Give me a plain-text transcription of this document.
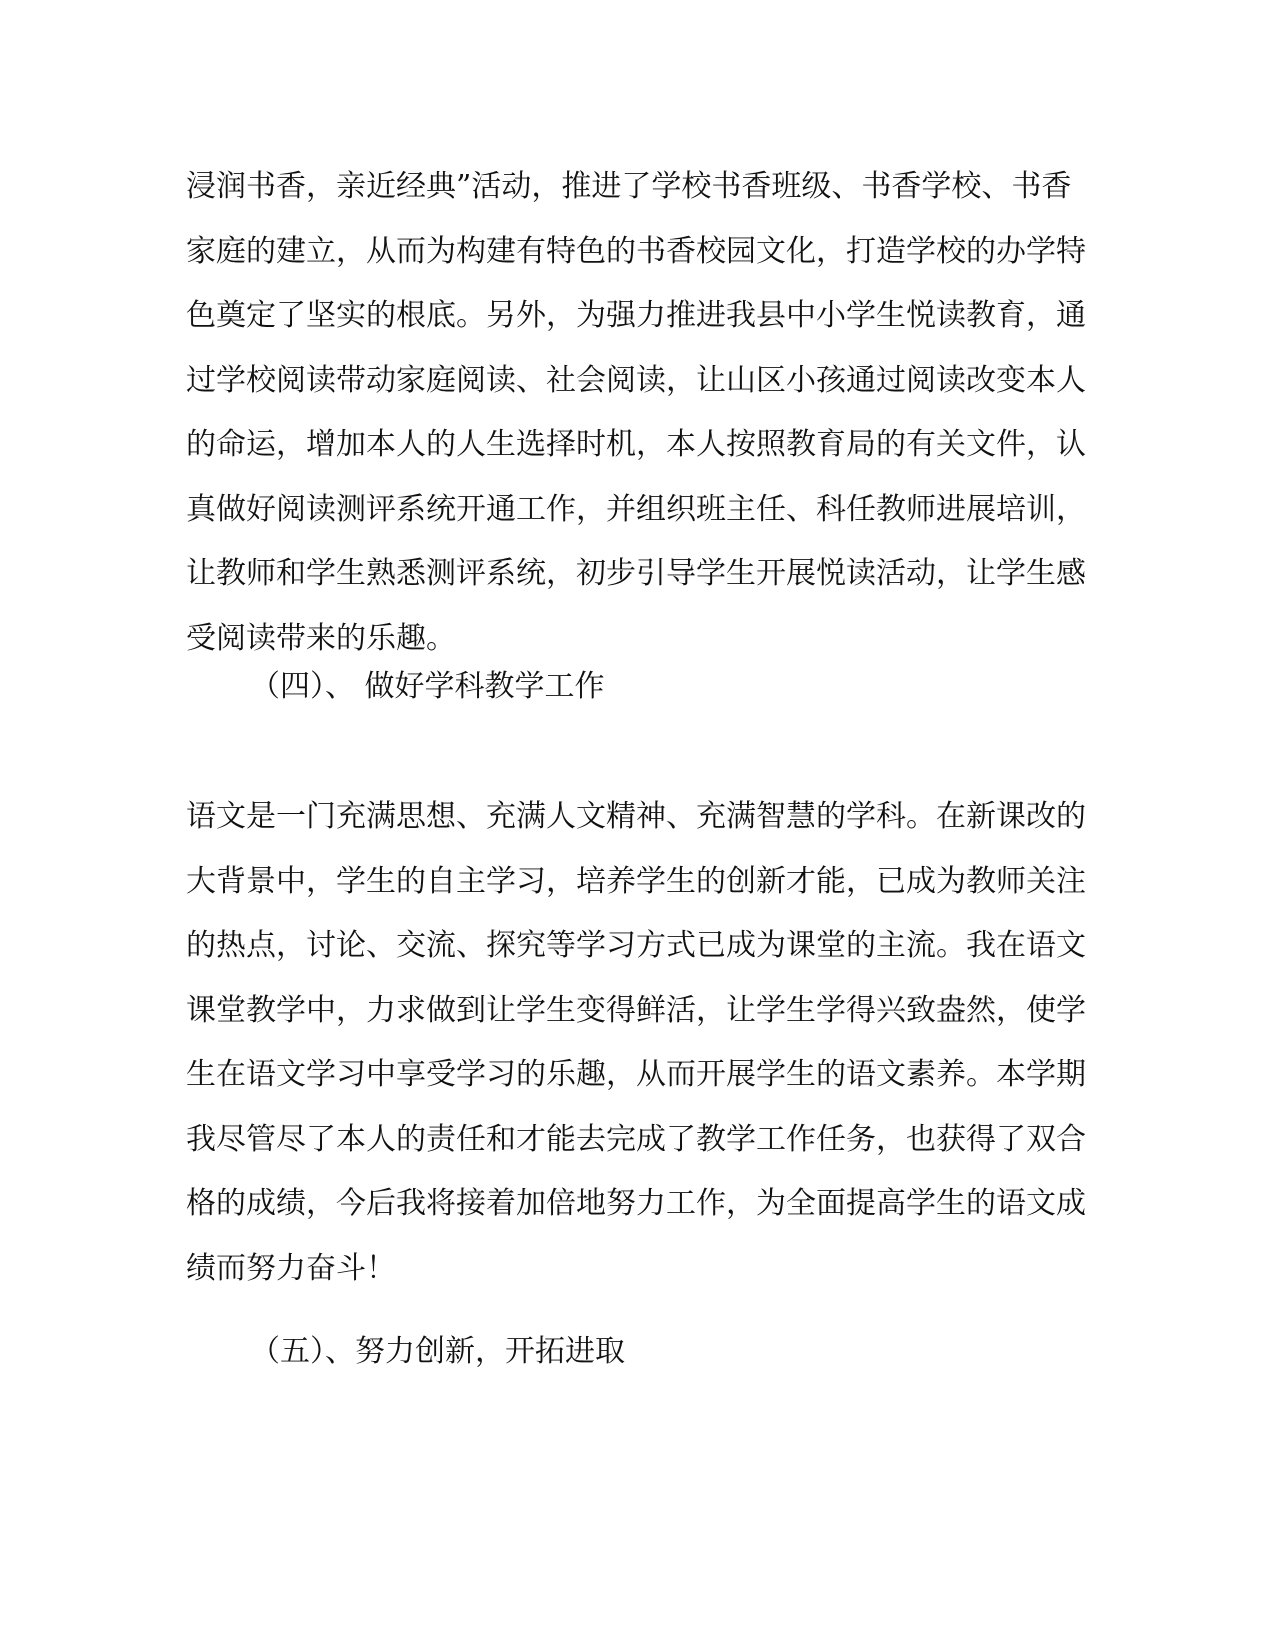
浸润书香，亲近经典”活动，推进了学校书香班级、书香学校、书香
家庭的建立，从而为构建有特色的书香校园文化，打造学校的办学特
色奠定了坚实的根底。另外，为强力推进我县中小学生悦读教育，通
过学校阅读带动家庭阅读、社会阅读，让山区小孩通过阅读改变本人
的命运，增加本人的人生选择时机，本人按照教育局的有关文件，认
真做好阅读测评系统开通工作，并组织班主任、科任教师进展培训，
让教师和学生熟悉测评系统，初步引导学生开展悦读活动，让学生感
受阅读带来的乐趣。
（四）、 做好学科教学工作
语文是一门充满思想、充满人文精神、充满智慧的学科。在新课改的
大背景中，学生的自主学习，培养学生的创新才能，已成为教师关注
的热点，讨论、交流、探究等学习方式已成为课堂的主流。我在语文
课堂教学中，力求做到让学生变得鲜活，让学生学得兴致盎然，使学
生在语文学习中享受学习的乐趣，从而开展学生的语文素养。本学期
我尽管尽了本人的责任和才能去完成了教学工作任务，也获得了双合
格的成绩，今后我将接着加倍地努力工作，为全面提高学生的语文成
绩而努力奋斗！
（五）、努力创新，开拓进取
